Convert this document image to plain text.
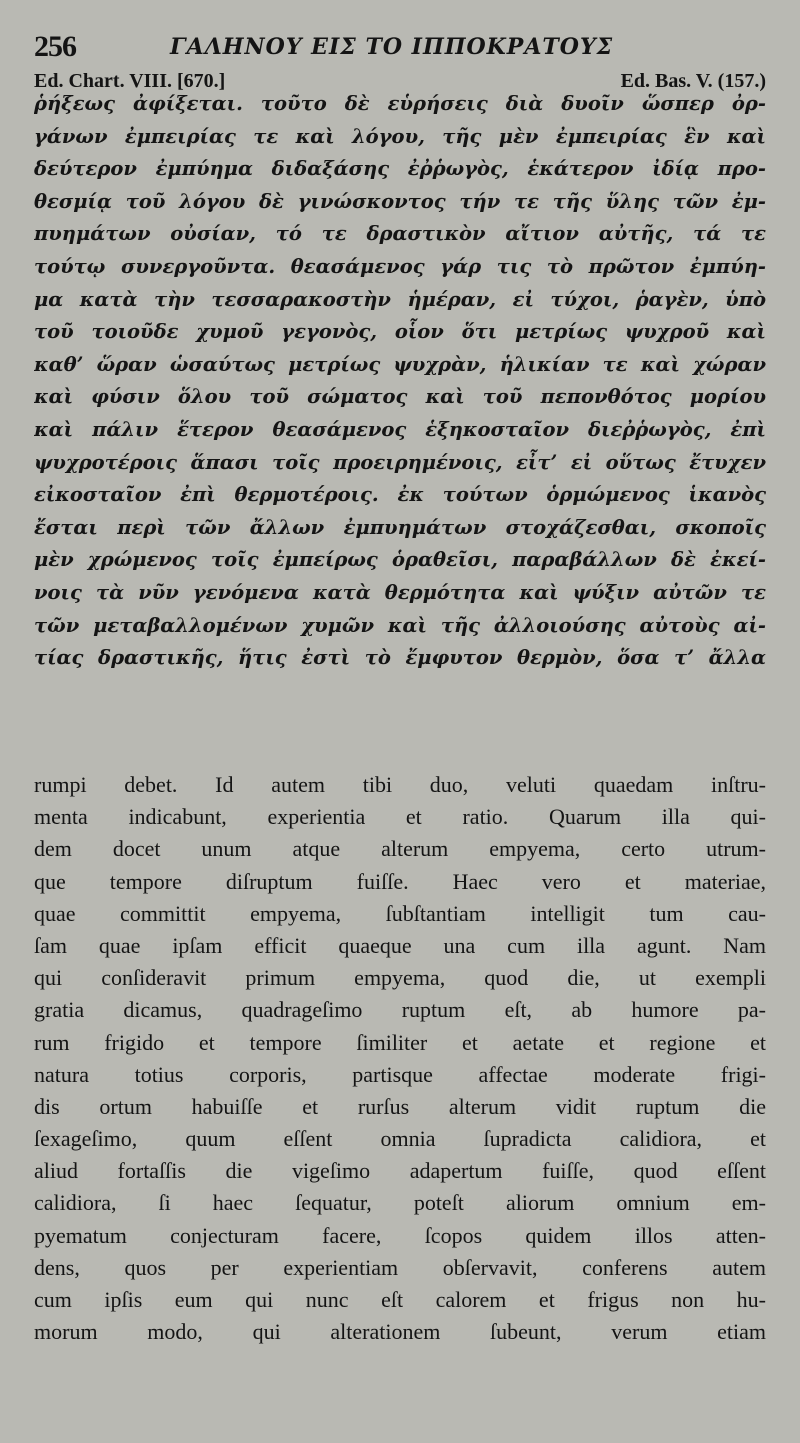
256	ΓΑΛΗΝΟΥ ΕΙΣ ΤΟ ΙΠΠΟΚΡΑΤΟΥΣ
Ed. Chart. VIII. [670.]	Ed. Bas. V. (157.)
ῥήξεως ἀφίξεται. τοῦτο δὲ εὑρήσεις διὰ δυοῖν ὥσπερ ὀρ-
γάνων ἐμπειρίας τε καὶ λόγου, τῆς μὲν ἐμπειρίας ἓν καὶ
δεύτερον ἐμπύημα διδαξάσης ἐῤῥωγὸς, ἑκάτερον ἰδίᾳ προ-
θεσμίᾳ τοῦ λόγου δὲ γινώσκοντος τήν τε τῆς ὕλης τῶν ἐμ-
πυημάτων οὐσίαν, τό τε δραστικὸν αἴτιον αὐτῆς, τά τε
τούτῳ συνεργοῦντα. θεασάμενος γάρ τις τὸ πρῶτον ἐμπύη-
μα κατὰ τὴν τεσσαρακοστὴν ἡμέραν, εἰ τύχοι, ῥαγὲν, ὑπὸ
τοῦ τοιοῦδε χυμοῦ γεγονὸς, οἷον ὅτι μετρίως ψυχροῦ καὶ
καθ’ ὥραν ὡσαύτως μετρίως ψυχρὰν, ἡλικίαν τε καὶ χώραν
καὶ φύσιν ὅλου τοῦ σώματος καὶ τοῦ πεπονθότος μορίου
καὶ πάλιν ἕτερον θεασάμενος ἑξηκοσταῖον διεῤῥωγὸς, ἐπὶ
ψυχροτέροις ἅπασι τοῖς προειρημένοις, εἶτ’ εἰ οὕτως ἔτυχεν
εἰκοσταῖον ἐπὶ θερμοτέροις. ἐκ τούτων ὁρμώμενος ἱκανὸς
ἔσται περὶ τῶν ἄλλων ἐμπυημάτων στοχάζεσθαι, σκοποῖς
μὲν χρώμενος τοῖς ἐμπείρως ὁραθεῖσι, παραβάλλων δὲ ἐκεί-
νοις τὰ νῦν γενόμενα κατὰ θερμότητα καὶ ψύξιν αὐτῶν τε
τῶν μεταβαλλομένων χυμῶν καὶ τῆς ἀλλοιούσης αὐτοὺς αἰ-
τίας δραστικῆς, ἥτις ἐστὶ τὸ ἔμφυτον θερμὸν, ὅσα τ’ ἄλλα
rumpi debet. Id autem tibi duo, veluti quaedam inſtru-
menta indicabunt, experientia et ratio. Quarum illa qui-
dem docet unum atque alterum empyema, certo utrum-
que tempore diſruptum fuiſſe. Haec vero et materiae,
quae committit empyema, ſubſtantiam intelligit tum cau-
ſam quae ipſam efficit quaeque una cum illa agunt. Nam
qui conſideravit primum empyema, quod die, ut exempli
gratia dicamus, quadrageſimo ruptum eſt, ab humore pa-
rum frigido et tempore ſimiliter et aetate et regione et
natura totius corporis, partisque affectae moderate frigi-
dis ortum habuiſſe et rurſus alterum vidit ruptum die
ſexageſimo, quum eſſent omnia ſupradicta calidiora, et
aliud fortaſſis die vigeſimo adapertum fuiſſe, quod eſſent
calidiora, ſi haec ſequatur, poteſt aliorum omnium em-
pyematum conjecturam facere, ſcopos quidem illos atten-
dens, quos per experientiam obſervavit, conferens autem
cum ipſis eum qui nunc eſt calorem et frigus non hu-
morum modo, qui alterationem ſubeunt, verum etiam
